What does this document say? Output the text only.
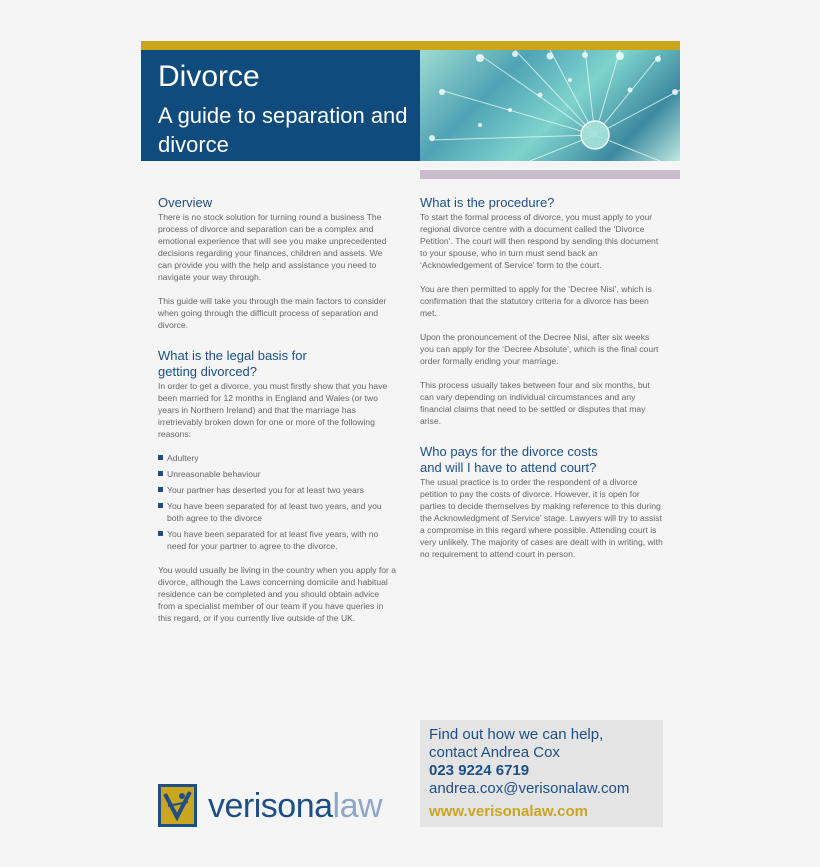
Divorce
A guide to separation and divorce
Overview

There is no stock solution for turning round a business The process of divorce and separation can be a complex and emotional experience that will see you make unprecedented decisions regarding your finances, children and assets. We can provide you with the help and assistance you need to navigate your way through.

This guide will take you through the main factors to consider when going through the difficult process of separation and divorce.

What is the legal basis for getting divorced?

In order to get a divorce, you must firstly show that you have been married for 12 months in England and Wales (or two years in Northern Ireland) and that the marriage has irretrievably broken down for one or more of the following reasons:

Adultery
Unreasonable behaviour
Your partner has deserted you for at least two years
You have been separated for at least two years, and you both agree to the divorce
You have been separated for at least five years, with no need for your partner to agree to the divorce.

You would usually be living in the country when you apply for a divorce, although the Laws concerning domicile and habitual residence can be completed and you should obtain advice from a specialist member of our team if you have queries in this regard, or if you currently live outside of the UK.

What is the procedure?

To start the formal process of divorce, you must apply to your regional divorce centre with a document called the ‘Divorce Petition’. The court will then respond by sending this document to your spouse, who in turn must send back an ‘Acknowledgement of Service’ form to the court.

You are then permitted to apply for the ‘Decree Nisi’, which is confirmation that the statutory criteria for a divorce has been met.

Upon the pronouncement of the Decree Nisi, after six weeks you can apply for the ‘Decree Absolute’, which is the final court order formally ending your marriage.

This process usually takes between four and six months, but can vary depending on individual circumstances and any financial claims that need to be settled or disputes that may arise.

Who pays for the divorce costs and will I have to attend court?

The usual practice is to order the respondent of a divorce petition to pay the costs of divorce. However, it is open for parties to decide themselves by making reference to this during the Acknowledgment of Service’ stage. Lawyers will try to assist a compromise in this regard where possible. Attending court is very unlikely. The majority of cases are dealt with in writing, with no requirement to attend court in person.

Find out how we can help,
contact Andrea Cox
023 9224 6719
andrea.cox@verisonalaw.com
www.verisonalaw.com
verisonalaw
